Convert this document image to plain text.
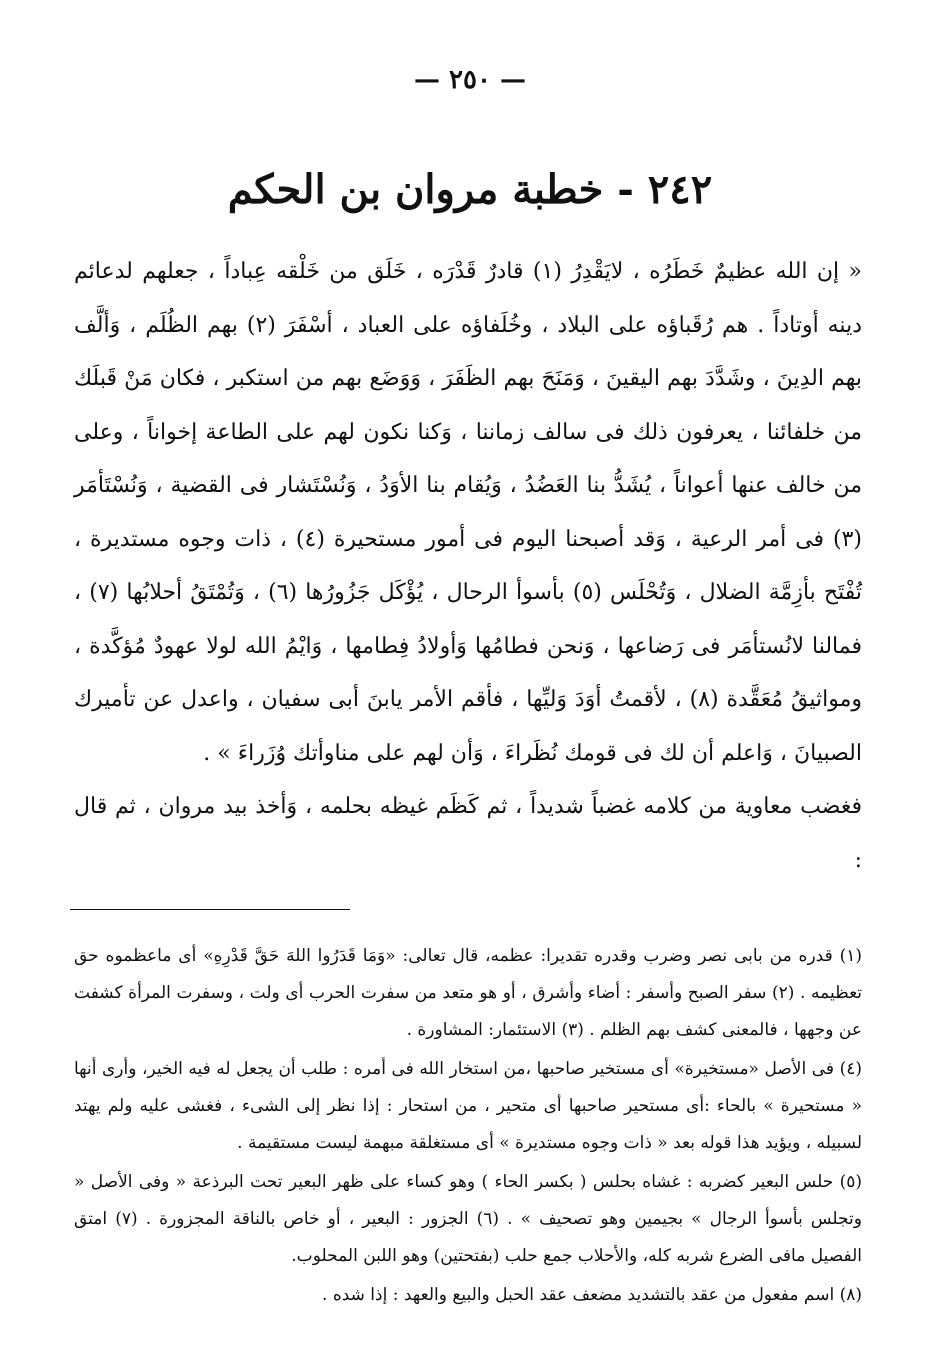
— ٢٥٠ —
٢٤٢ - خطبة مروان بن الحكم

« إن الله عظيمٌ خَطَرُه ، لايَقْدِرُ (١) قادرٌ قَدْرَه ، خَلَق من خَلْقه عِباداً ، جعلهم لدعائم دينه أوتاداً . هم رُقَباؤه على البلاد ، وخُلَفاؤه على العباد ، أسْفَرَ (٢) بهم الظُلَم ، وَألَّف بهم الدِينَ ، وشَدَّدَ بهم اليقينَ ، وَمَنَحَ بهم الظَفَرَ ، وَوَضَع بهم من استكبر ، فكان مَنْ قَبلَك من خلفائنا ، يعرفون ذلك فى سالف زماننا ، وَكنا نكون لهم على الطاعة إخواناً ، وعلى من خالف عنها أعواناً ، يُشَدُّ بنا العَضُدُ ، وَيُقام بنا الأوَدُ ، وَنُسْتَشار فى القضية ، وَنُسْتَأمَر (٣) فى أمر الرعية ، وَقد أصبحنا اليوم فى أمور مستحيرة (٤) ، ذات وجوه مستديرة ، تُفْتَح بأزِمَّة الضلال ، وَتُحْلَس (٥) بأسوأ الرحال ، يُؤْكَل جَزُورُها (٦) ، وَتُمْتَقُ أحلابُها (٧) ، فمالنا لانُستأمَر فى رَضاعها ، وَنحن فطامُها وَأولادُ فِطامها ، وَايْمُ الله لولا عهودٌ مُؤكَّدة ، ومواثيقُ مُعَقَّدة (٨) ، لأقمتُ أوَدَ وَليِّها ، فأقم الأمر يابنَ أبى سفيان ، واعدل عن تأميرك الصبيانَ ، وَاعلم أن لك فى قومك نُظَراءَ ، وَأن لهم على مناوأتك وُزَراءَ » .

فغضب معاوية من كلامه غضباً شديداً ، ثم كَظَم غيظه بحلمه ، وَأخذ بيد مروان ، ثم قال :

(١) قدره من بابى نصر وضرب وقدره تقديرا: عظمه، قال تعالى: «وَمَا قَدَرُوا اللهَ حَقَّ قَدْرِهِ» أى ماعظموه حق تعظيمه . (٢) سفر الصبح وأسفر : أضاء وأشرق ، أو هو متعد من سفرت الحرب أى ولت ، وسفرت المرأة كشفت عن وجهها ، فالمعنى كشف بهم الظلم . (٣) الاستئمار: المشاورة .

(٤) فى الأصل «مستخيرة» أى مستخير صاحبها ،من استخار الله فى أمره : طلب أن يجعل له فيه الخير، وأرى أنها « مستحيرة » بالحاء :أى مستحير صاحبها أى متحير ، من استحار : إذا نظر إلى الشىء ، فغشى عليه ولم يهتد لسبيله ، ويؤيد هذا قوله بعد « ذات وجوه مستديرة » أى مستغلقة مبهمة ليست مستقيمة .

(٥) حلس البعير كضربه : غشاه بحلس ( بكسر الحاء ) وهو كساء على ظهر البعير تحت البرذعة « وفى الأصل « وتجلس بأسوأ الرجال » بجيمين وهو تصحيف » . (٦) الجزور : البعير ، أو خاص بالناقة المجزورة . (٧) امتق الفصيل مافى الضرع شربه كله، والأحلاب جمع حلب (بفتحتين) وهو اللبن المحلوب.

(٨) اسم مفعول من عقد بالتشديد مضعف عقد الحبل والبيع والعهد : إذا شده .
